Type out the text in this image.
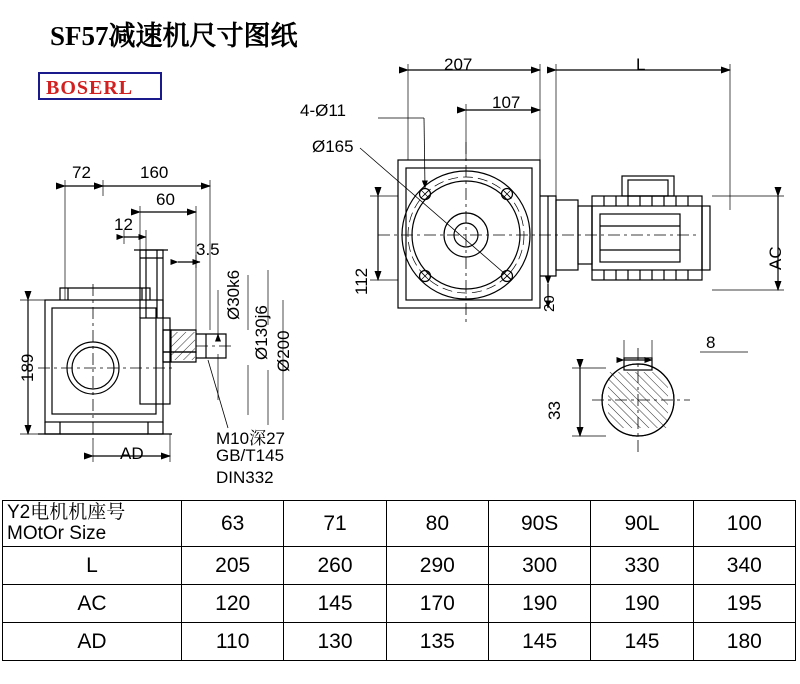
SF57减速机尺寸图纸
BOSERL
207	L
4-Ø11	107
Ø165
112
AC
20
72	160
60
12
3.5
189
AD
Ø30k6
Ø130j6 Ø200	8
33
M10深27
GB/T145
DIN332
Y2电机机座号
MOtOr Size	63	71	80	90S	90L	100
L	205	260	290	300	330	340
AC	120	145	170	190	190	195
AD	110	130	135	145	145	180
